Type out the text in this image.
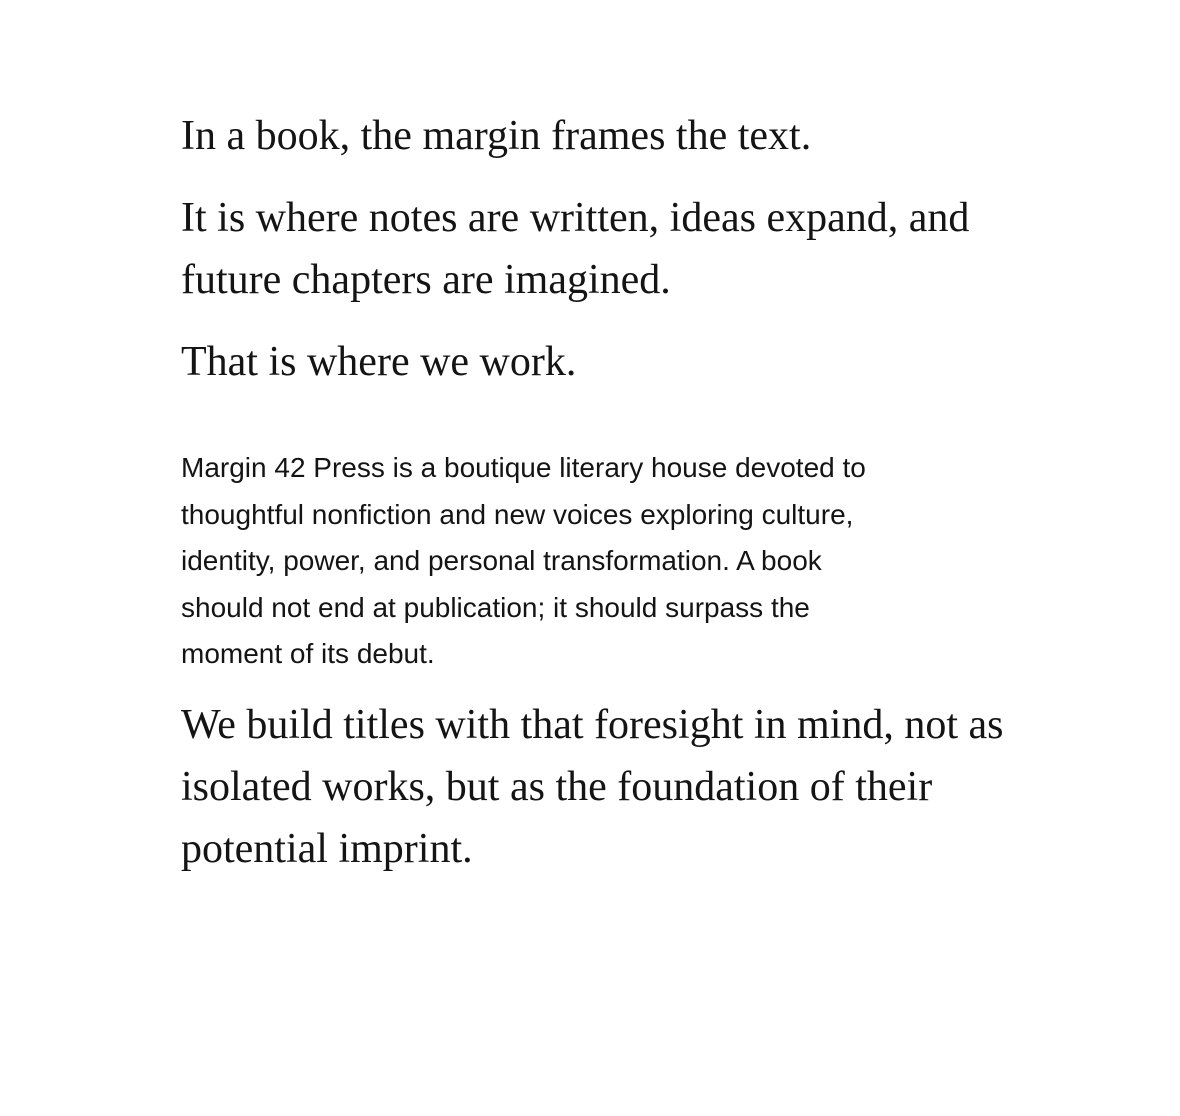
In a book, the margin frames the text.

It is where notes are written, ideas expand, and future chapters are imagined.

That is where we work.

Margin 42 Press is a boutique literary house devoted to thoughtful nonfiction and new voices exploring culture, identity, power, and personal transformation. A book should not end at publication; it should surpass the moment of its debut.

We build titles with that foresight in mind, not as isolated works, but as the foundation of their potential imprint.
